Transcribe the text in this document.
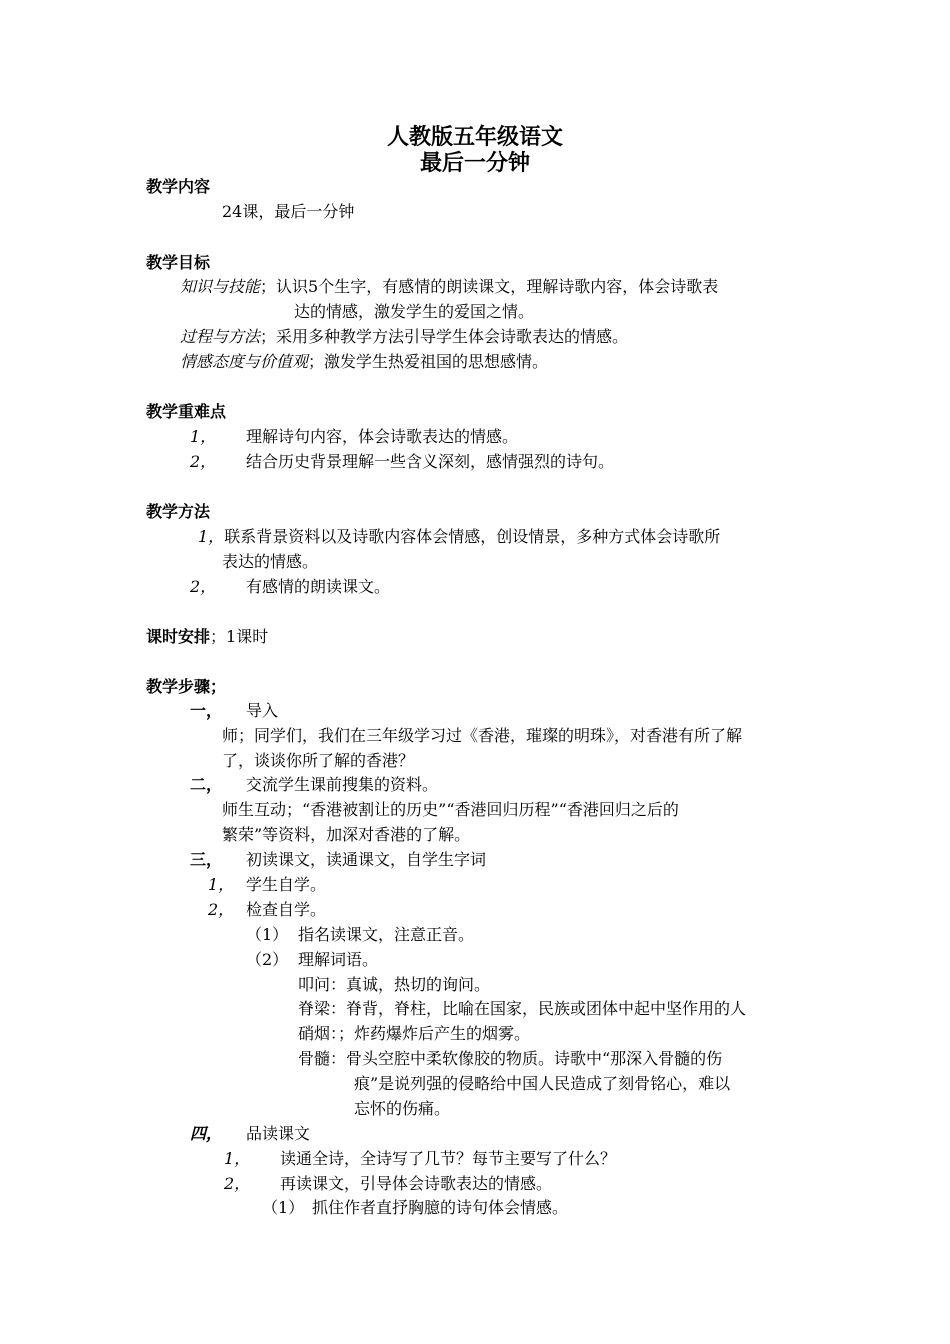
人教版五年级语文
最后一分钟
教学内容
24课，最后一分钟
教学目标
知识与技能；认识5个生字，有感情的朗读课文，理解诗歌内容，体会诗歌表
达的情感，激发学生的爱国之情。
过程与方法；采用多种教学方法引导学生体会诗歌表达的情感。
情感态度与价值观；激发学生热爱祖国的思想感情。
教学重难点
1， 理解诗句内容，体会诗歌表达的情感。
2， 结合历史背景理解一些含义深刻，感情强烈的诗句。
教学方法
1，联系背景资料以及诗歌内容体会情感，创设情景，多种方式体会诗歌所
表达的情感。
2， 有感情的朗读课文。
课时安排；1课时
教学步骤；
一， 导入
师；同学们，我们在三年级学习过《香港，璀璨的明珠》，对香港有所了解
了，谈谈你所了解的香港？
二， 交流学生课前搜集的资料。
师生互动；“香港被割让的历史”“香港回归历程”“香港回归之后的
繁荣”等资料，加深对香港的了解。
三， 初读课文，读通课文，自学生字词
1， 学生自学。
2， 检查自学。
（1） 指名读课文，注意正音。
（2） 理解词语。
叩问：真诚，热切的询问。
脊梁：脊背，脊柱，比喻在国家，民族或团体中起中坚作用的人
硝烟：；炸药爆炸后产生的烟雾。
骨髓：骨头空腔中柔软像胶的物质。诗歌中“那深入骨髓的伤
痕”是说列强的侵略给中国人民造成了刻骨铭心，难以
忘怀的伤痛。
四， 品读课文
1， 读通全诗，全诗写了几节？每节主要写了什么？
2， 再读课文，引导体会诗歌表达的情感。
（1） 抓住作者直抒胸臆的诗句体会情感。
